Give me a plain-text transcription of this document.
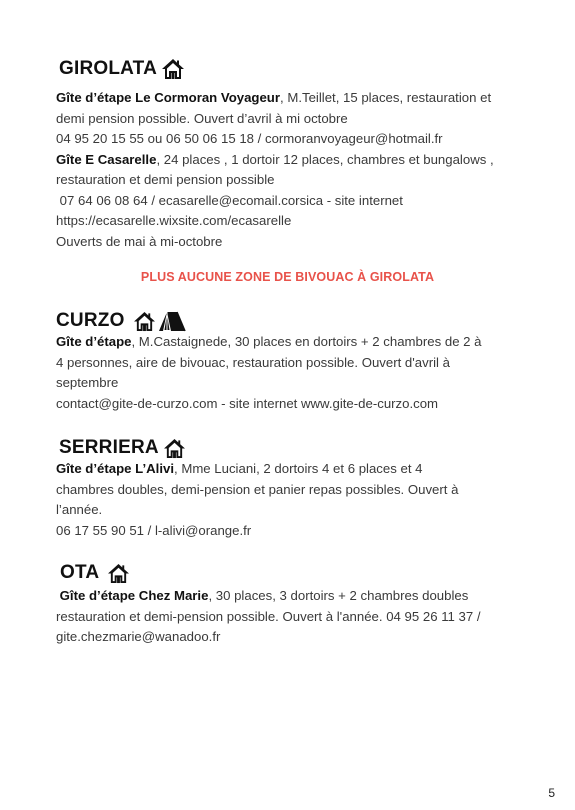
GIROLATA
Gîte d’étape Le Cormoran Voyageur, M.Teillet, 15 places, restauration et
demi pension possible. Ouvert d’avril à mi octobre
04 95 20 15 55 ou 06 50 06 15 18 / cormoranvoyageur@hotmail.fr
Gîte E Casarelle, 24 places , 1 dortoir 12 places, chambres et bungalows ,
restauration et demi pension possible
07 64 06 08 64 / ecasarelle@ecomail.corsica - site internet
https://ecasarelle.wixsite.com/ecasarelle
Ouverts de mai à mi-octobre
PLUS AUCUNE ZONE DE BIVOUAC À GIROLATA
CURZO
Gîte d’étape, M.Castaignede, 30 places en dortoirs + 2 chambres de 2 à
4 personnes, aire de bivouac, restauration possible. Ouvert d'avril à
septembre
contact@gite-de-curzo.com - site internet www.gite-de-curzo.com
SERRIERA
Gîte d’étape L’Alivi, Mme Luciani, 2 dortoirs 4 et 6 places et 4
chambres doubles, demi-pension et panier repas possibles. Ouvert à
l’année.
06 17 55 90 51 / l-alivi@orange.fr
OTA
Gîte d’étape Chez Marie, 30 places, 3 dortoirs + 2 chambres doubles
restauration et demi-pension possible. Ouvert à l'année. 04 95 26 11 37 /
gite.chezmarie@wanadoo.fr
5
